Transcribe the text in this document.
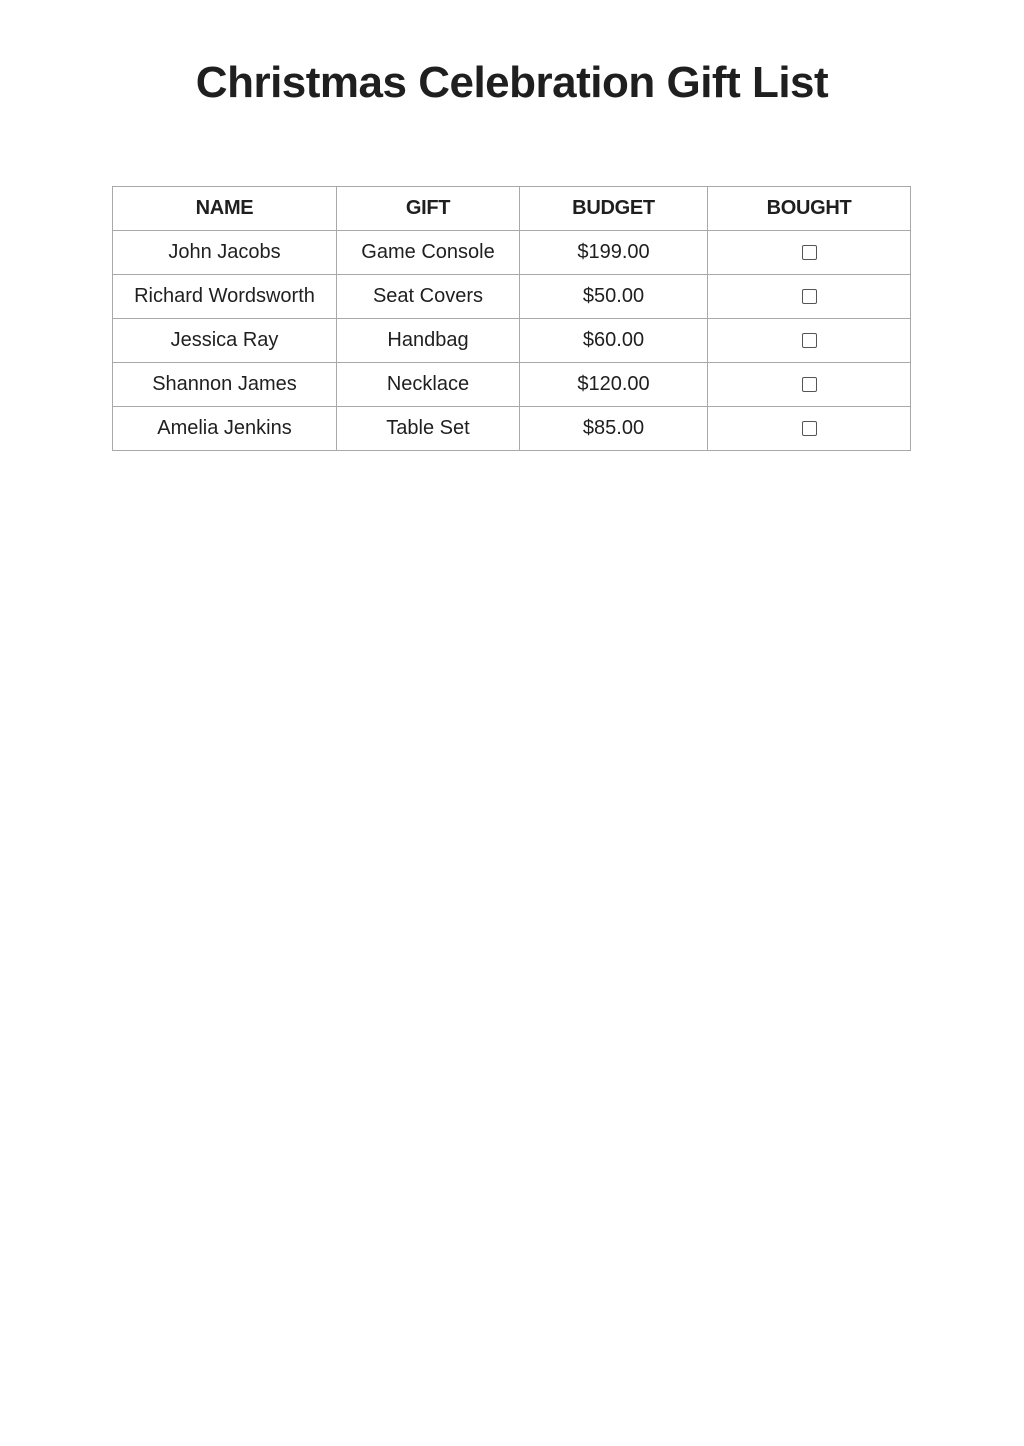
Christmas Celebration Gift List
NAME	GIFT	BUDGET	BOUGHT
John Jacobs	Game Console	$199.00	
Richard Wordsworth	Seat Covers	$50.00	
Jessica Ray	Handbag	$60.00	
Shannon James	Necklace	$120.00	
Amelia Jenkins	Table Set	$85.00	
